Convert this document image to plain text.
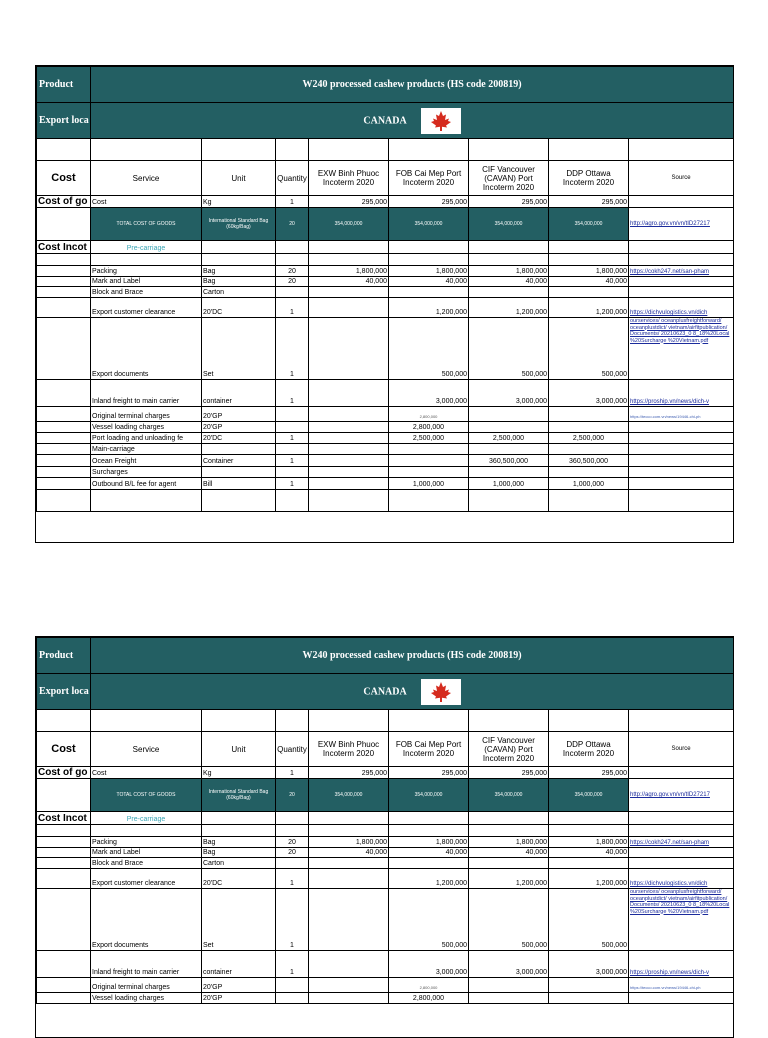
Product	W240 processed cashew products (HS code 200819)							
Export loca	CANADA							

Cost	Service	Unit	Quantity	EXW Binh Phuoc Incoterm 2020	FOB Cai Mep Port Incoterm 2020	CIF Vancouver (CAVAN) Port Incoterm 2020	DDP Ottawa Incoterm 2020	Source
Cost of go	Cost	Kg	1	295,000	295,000	295,000	295,000	
	TOTAL COST OF GOODS	International Standard Bag (60kg/Bag)	20	354,000,000	354,000,000	354,000,000	354,000,000	http://agro.gov.vn/vn/tID27217
Cost Incot	Pre-carriage							

	Packing	Bag	20	1,800,000	1,800,000	1,800,000	1,800,000	https://cokh247.net/san-pham
	Mark and Label	Bag	20	40,000	40,000	40,000	40,000	
	Block and Brace	Carton						
	Export customer clearance	20'DC	1		1,200,000	1,200,000	1,200,000	https://dichvulogistics.vn/dich
	Export documents	Set	1		500,000	500,000	500,000	ourservices/ oceanplusfreightforward/ oceanplustdict/ vietnam/airfitpublication/ Documents/ 20210623_0 8_18%20Local %20Surcharge %20Vietnam.pdf
	Inland freight to main carrier	container	1		3,000,000	3,000,000	3,000,000	https://proship.vn/news/dich-v
	Original terminal charges	20'GP			2,800,000			https://tecco.com.vn/news/19446-chi-ph
	Vessel loading charges	20'GP			2,800,000			
	Port loading and unloading fe	20'DC	1		2,500,000	2,500,000	2,500,000	
	Main-carriage							
	Ocean Freight	Container	1			360,500,000	360,500,000	
	Surcharges							
	Outbound B/L fee for agent	Bill	1		1,000,000	1,000,000	1,000,000	

Product	W240 processed cashew products (HS code 200819)							
Export loca	CANADA							

Cost	Service	Unit	Quantity	EXW Binh Phuoc Incoterm 2020	FOB Cai Mep Port Incoterm 2020	CIF Vancouver (CAVAN) Port Incoterm 2020	DDP Ottawa Incoterm 2020	Source
Cost of go	Cost	Kg	1	295,000	295,000	295,000	295,000	
	TOTAL COST OF GOODS	International Standard Bag (60kg/Bag)	20	354,000,000	354,000,000	354,000,000	354,000,000	http://agro.gov.vn/vn/tID27217
Cost Incot	Pre-carriage							

	Packing	Bag	20	1,800,000	1,800,000	1,800,000	1,800,000	https://cokh247.net/san-pham
	Mark and Label	Bag	20	40,000	40,000	40,000	40,000	
	Block and Brace	Carton						
	Export customer clearance	20'DC	1		1,200,000	1,200,000	1,200,000	https://dichvulogistics.vn/dich
	Export documents	Set	1		500,000	500,000	500,000	ourservices/ oceanplusfreightforward/ oceanplustdict/ vietnam/airfitpublication/ Documents/ 20210623_0 8_18%20Local %20Surcharge %20Vietnam.pdf
	Inland freight to main carrier	container	1		3,000,000	3,000,000	3,000,000	https://proship.vn/news/dich-v
	Original terminal charges	20'GP			2,800,000			https://tecco.com.vn/news/19446-chi-ph
	Vessel loading charges	20'GP			2,800,000			
